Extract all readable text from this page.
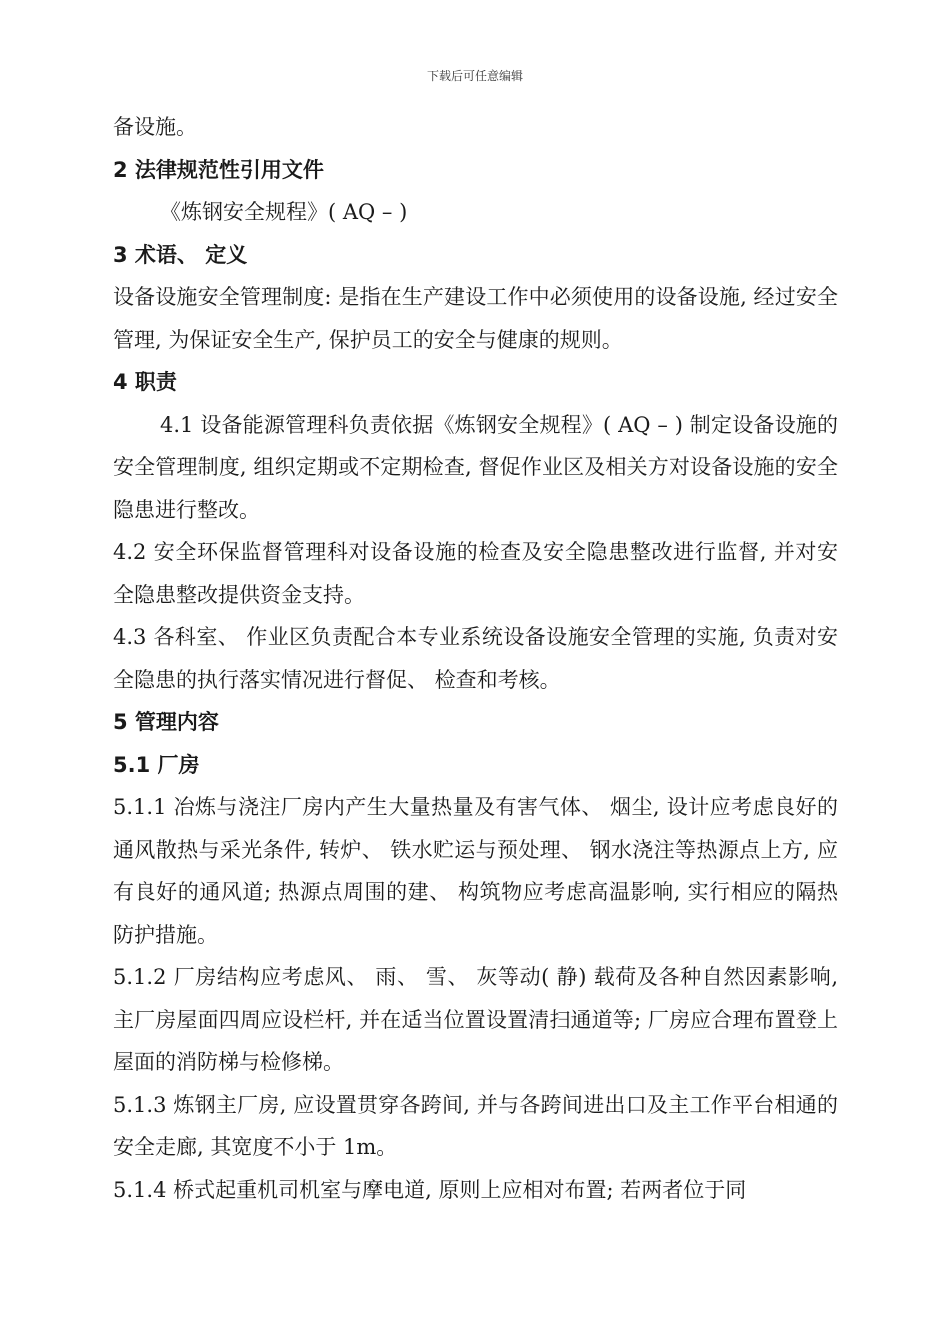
下载后可任意编辑

备设施。

2 法律规范性引用文件

《炼钢安全规程》( AQ – )

3 术语、 定义

设备设施安全管理制度: 是指在生产建设工作中必须使用的设备设施, 经过安全管理, 为保证安全生产, 保护员工的安全与健康的规则。

4 职责

4.1 设备能源管理科负责依据《炼钢安全规程》( AQ – ) 制定设备设施的安全管理制度, 组织定期或不定期检查, 督促作业区及相关方对设备设施的安全隐患进行整改。

4.2 安全环保监督管理科对设备设施的检查及安全隐患整改进行监督, 并对安全隐患整改提供资金支持。

4.3 各科室、 作业区负责配合本专业系统设备设施安全管理的实施, 负责对安全隐患的执行落实情况进行督促、 检查和考核。

5 管理内容

5.1 厂房

5.1.1 冶炼与浇注厂房内产生大量热量及有害气体、 烟尘, 设计应考虑良好的通风散热与采光条件, 转炉、 铁水贮运与预处理、 钢水浇注等热源点上方, 应有良好的通风道; 热源点周围的建、 构筑物应考虑高温影响, 实行相应的隔热防护措施。

5.1.2 厂房结构应考虑风、 雨、 雪、 灰等动( 静) 载荷及各种自然因素影响, 主厂房屋面四周应设栏杆, 并在适当位置设置清扫通道等; 厂房应合理布置登上屋面的消防梯与检修梯。

5.1.3 炼钢主厂房, 应设置贯穿各跨间, 并与各跨间进出口及主工作平台相通的安全走廊, 其宽度不小于 1m。

5.1.4 桥式起重机司机室与摩电道, 原则上应相对布置; 若两者位于同
